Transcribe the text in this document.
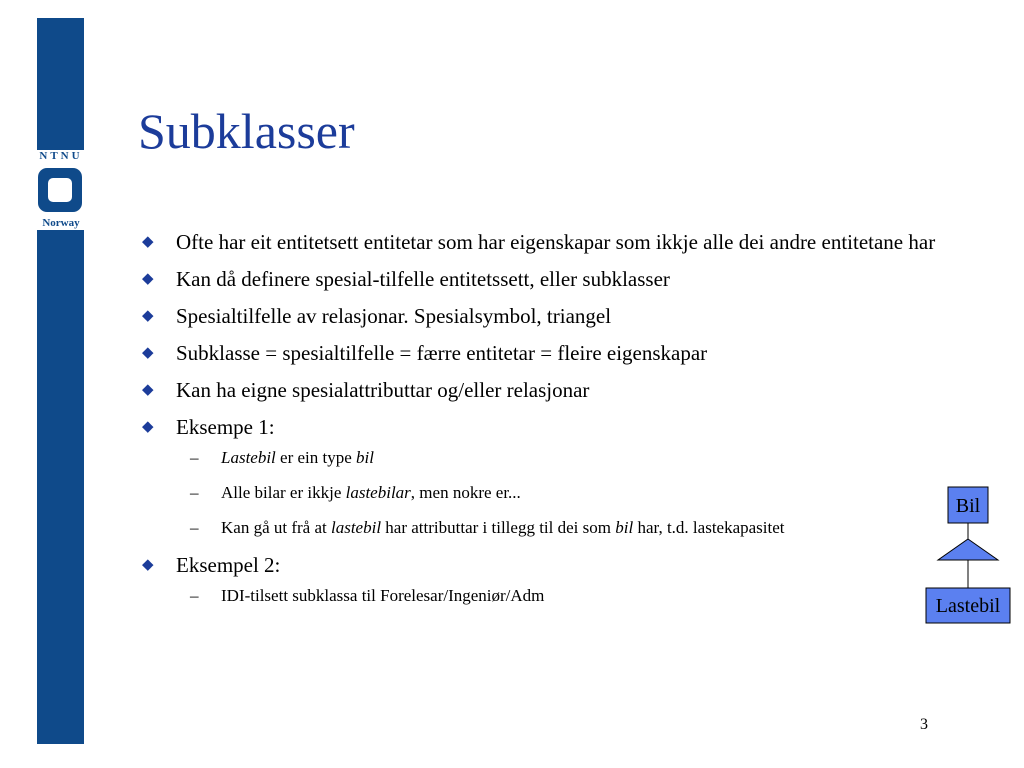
NTNU
Norway
Subklasser
◆ Ofte har eit entitetsett entitetar som har eigenskapar som ikkje alle dei andre entitetane har
◆ Kan då definere spesial-tilfelle entitetssett, eller subklasser
◆ Spesialtilfelle av relasjonar. Spesialsymbol, triangel
◆ Subklasse = spesialtilfelle = færre entitetar = fleire eigenskapar
◆ Kan ha eigne spesialattributtar og/eller relasjonar
◆ Eksempe 1:
– Lastebil er ein type bil
– Alle bilar er ikkje lastebilar, men nokre er...
– Kan gå ut frå at lastebil har attributtar i tillegg til dei som bil har, t.d. lastekapasitet
◆ Eksempel 2:
– IDI-tilsett subklassa til Forelesar/Ingeniør/Adm
Bil
Lastebil
3
